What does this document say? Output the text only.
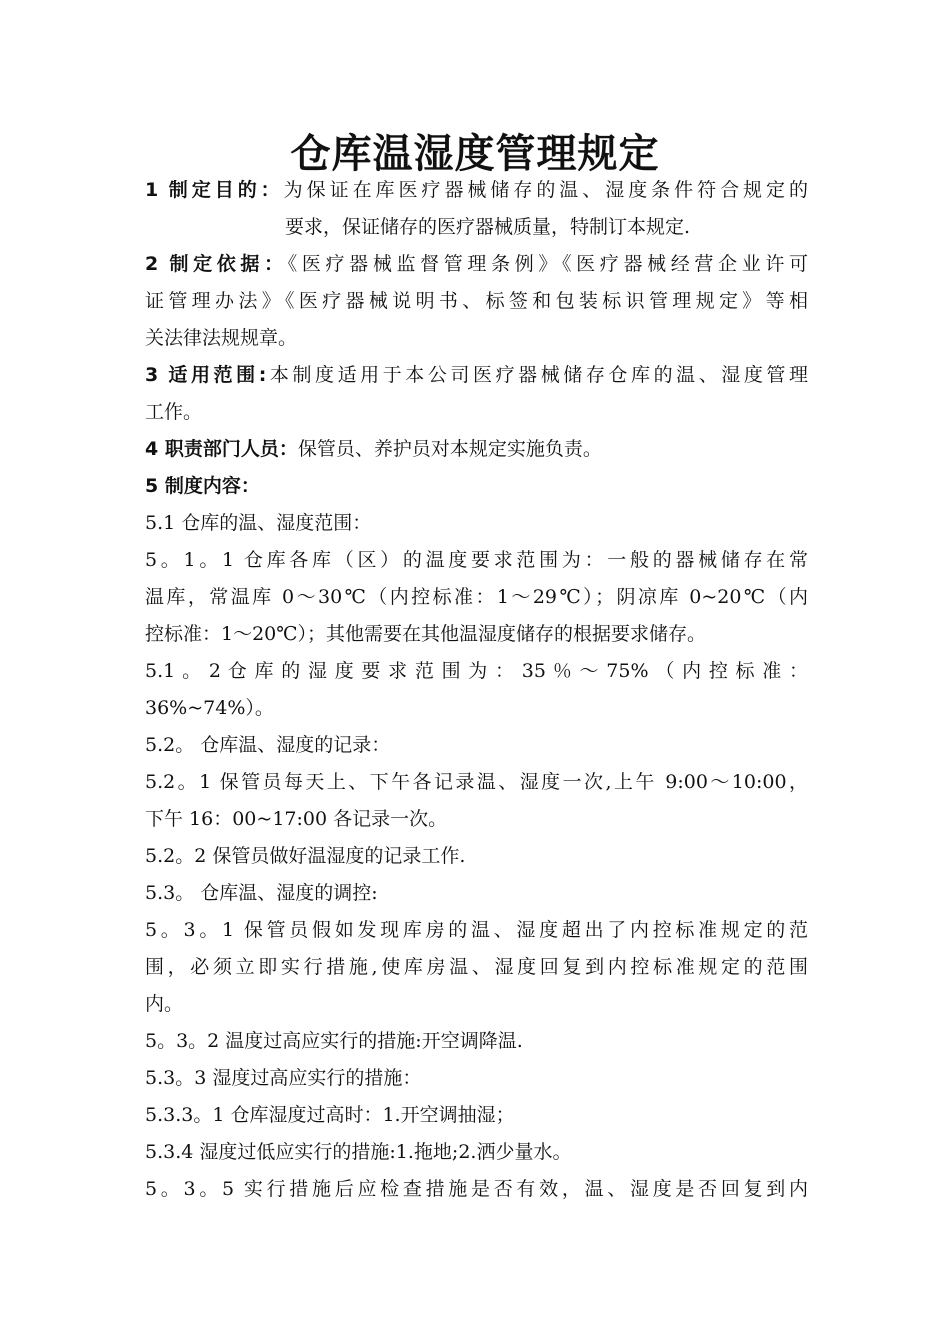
仓库温湿度管理规定
1 制定目的：为保证在库医疗器械储存的温、湿度条件符合规定的
要求，保证储存的医疗器械质量，特制订本规定.
2 制定依据：《医疗器械监督管理条例》《医疗器械经营企业许可
证管理办法》《医疗器械说明书、标签和包装标识管理规定》等相
关法律法规规章。
3 适用范围:本制度适用于本公司医疗器械储存仓库的温、湿度管理
工作。
4 职责部门人员：保管员、养护员对本规定实施负责。
5 制度内容：
5.1 仓库的温、湿度范围：
5。1。1 仓库各库（区）的温度要求范围为：一般的器械储存在常
温库，常温库 0～30℃（内控标准：1～29℃）；阴凉库 0~20℃（内
控标准：1～20℃）；其他需要在其他温湿度储存的根据要求储存。
5.1 。 2 仓 库 的 湿 度 要 求 范 围 为 ： 35 ％ ～ 75% （ 内 控 标 准 ：
36%~74%）。
5.2。 仓库温、湿度的记录：
5.2。1 保管员每天上、下午各记录温、湿度一次,上午 9:00～10:00，
下午 16：00~17:00 各记录一次。
5.2。2 保管员做好温湿度的记录工作.
5.3。 仓库温、湿度的调控:
5。3。1 保管员假如发现库房的温、湿度超出了内控标准规定的范
围，必须立即实行措施,使库房温、湿度回复到内控标准规定的范围
内。
5。3。2 温度过高应实行的措施:开空调降温.
5.3。3 湿度过高应实行的措施：
5.3.3。1 仓库湿度过高时：1.开空调抽湿；
5.3.4 湿度过低应实行的措施:1.拖地;2.洒少量水。
5。3。5 实行措施后应检查措施是否有效，温、湿度是否回复到内
